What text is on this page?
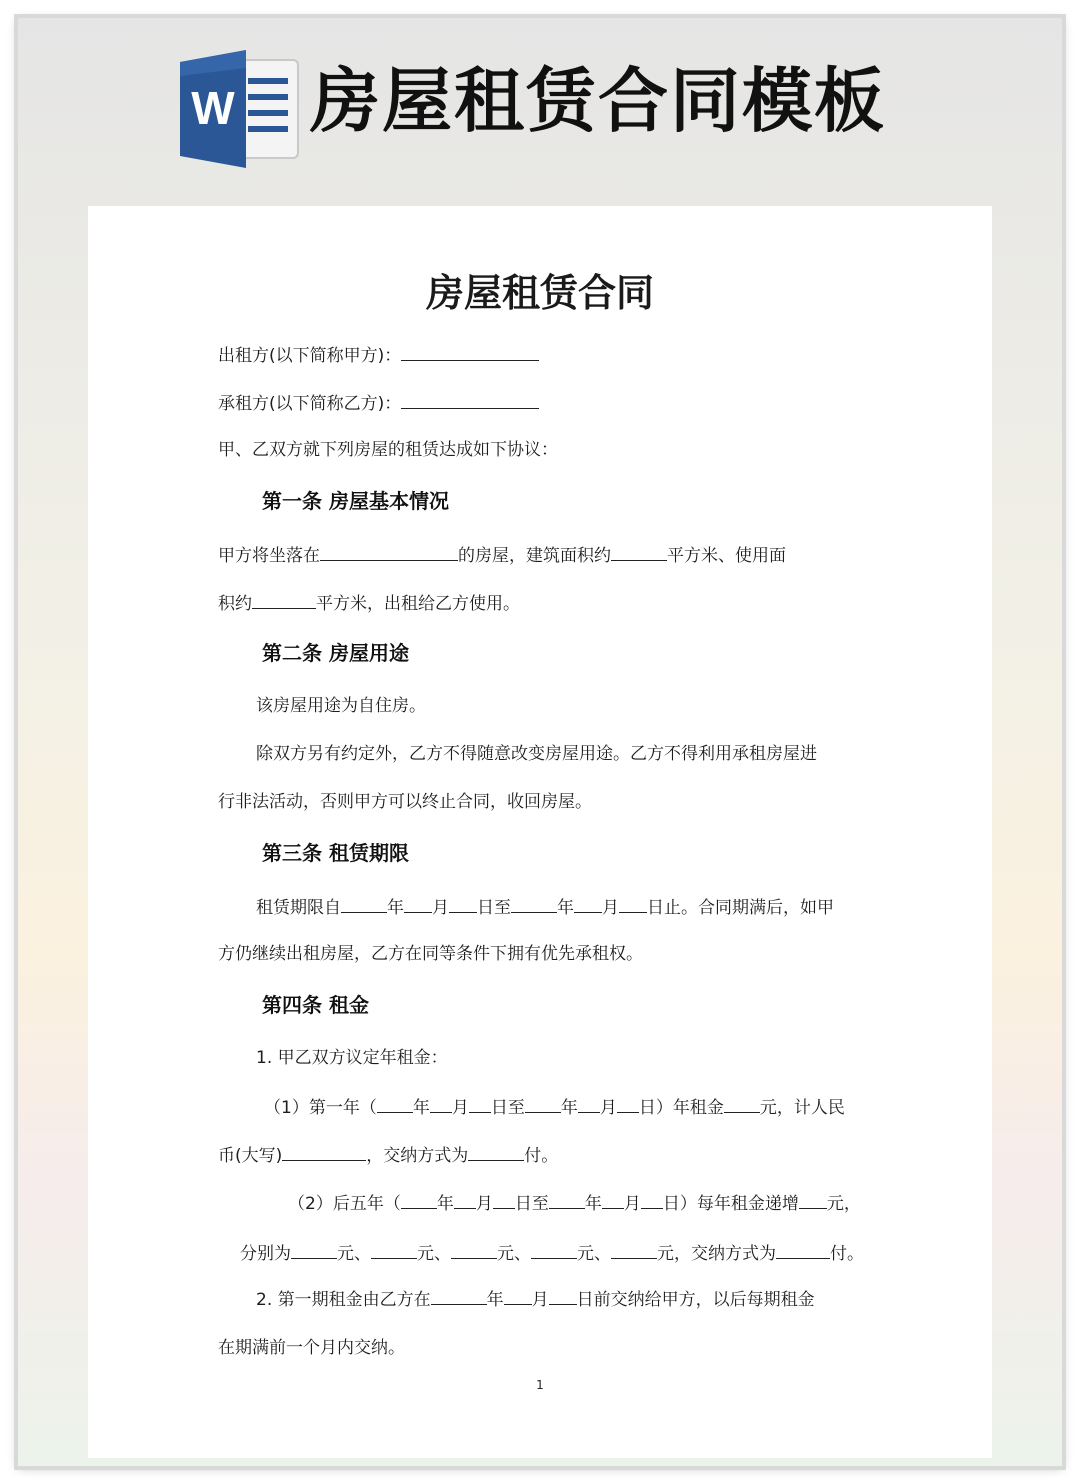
W 房屋租赁合同模板
房屋租赁合同
出租方(以下简称甲方)：
承租方(以下简称乙方)：
甲、乙双方就下列房屋的租赁达成如下协议：
第一条 房屋基本情况
甲方将坐落在	的房屋，建筑面积约	平方米、使用面
积约	平方米，出租给乙方使用。
第二条 房屋用途
该房屋用途为自住房。
除双方另有约定外，乙方不得随意改变房屋用途。乙方不得利用承租房屋进
行非法活动，否则甲方可以终止合同，收回房屋。
第三条 租赁期限
租赁期限自	年 月 日至	年 月 日止。合同期满后，如甲
方仍继续出租房屋，乙方在同等条件下拥有优先承租权。
第四条 租金
1. 甲乙双方议定年租金：
（1）第一年（ 年 月 日至 年 月 日）年租金 元，计人民
币(大写)	，交纳方式为	付。
（2）后五年（ 年 月 日至 年 月 日）每年租金递增 元，
分别为	元、	元、	元、	元、	元，交纳方式为	付。
2. 第一期租金由乙方在	年 月 日前交纳给甲方，以后每期租金
在期满前一个月内交纳。
1
